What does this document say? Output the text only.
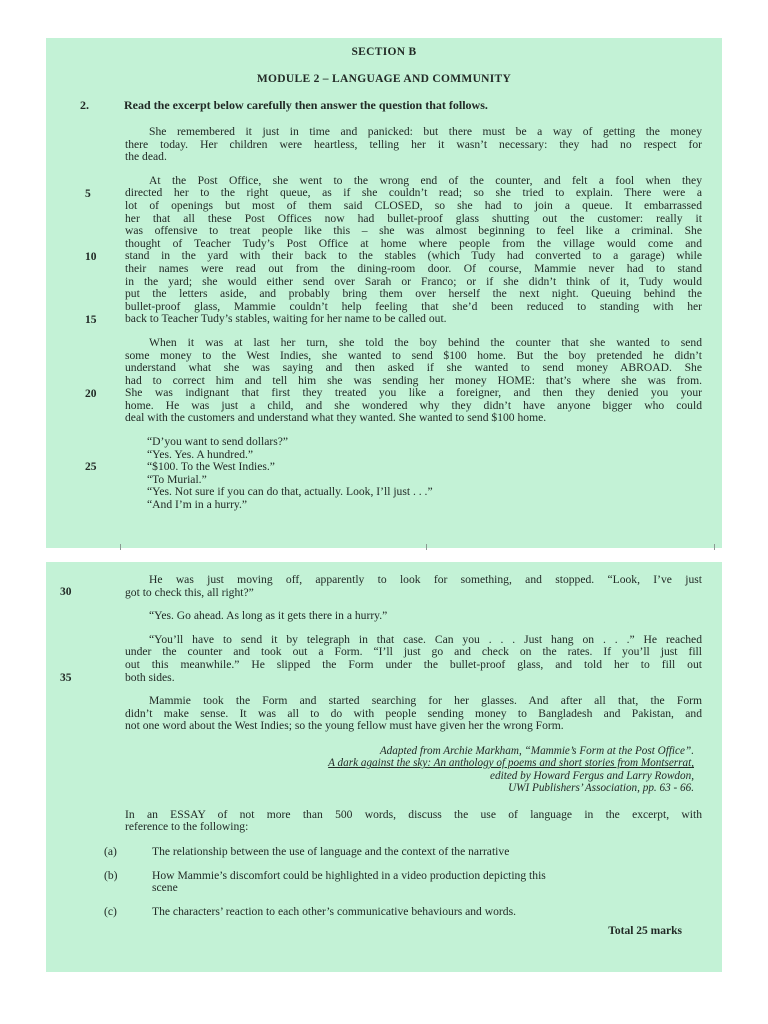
SECTION B
MODULE 2 – LANGUAGE AND COMMUNITY
2.	Read the excerpt below carefully then answer the question that follows.
She remembered it just in time and panicked: but there must be a way of getting the money
there today. Her children were heartless, telling her it wasn’t necessary: they had no respect for
the dead.
5
10
15
At the Post Office, she went to the wrong end of the counter, and felt a fool when they
directed her to the right queue, as if she couldn’t read; so she tried to explain. There were a
lot of openings but most of them said CLOSED, so she had to join a queue. It embarrassed
her that all these Post Offices now had bullet-proof glass shutting out the customer: really it
was offensive to treat people like this – she was almost beginning to feel like a criminal. She
thought of Teacher Tudy’s Post Office at home where people from the village would come and
stand in the yard with their back to the stables (which Tudy had converted to a garage) while
their names were read out from the dining-room door. Of course, Mammie never had to stand
in the yard; she would either send over Sarah or Franco; or if she didn’t think of it, Tudy would
put the letters aside, and probably bring them over herself the next night. Queuing behind the
bullet-proof glass, Mammie couldn’t help feeling that she’d been reduced to standing with her
back to Teacher Tudy’s stables, waiting for her name to be called out.
20
When it was at last her turn, she told the boy behind the counter that she wanted to send
some money to the West Indies, she wanted to send $100 home. But the boy pretended he didn’t
understand what she was saying and then asked if she wanted to send money ABROAD. She
had to correct him and tell him she was sending her money HOME: that’s where she was from.
She was indignant that first they treated you like a foreigner, and then they denied you your
home. He was just a child, and she wondered why they didn’t have anyone bigger who could
deal with the customers and understand what they wanted. She wanted to send $100 home.
25
“D’you want to send dollars?”
“Yes. Yes. A hundred.”
“$100. To the West Indies.”
“To Murial.”
“Yes. Not sure if you can do that, actually. Look, I’ll just . . .”
“And I’m in a hurry.”
30
He was just moving off, apparently to look for something, and stopped. “Look, I’ve just
got to check this, all right?”
“Yes. Go ahead. As long as it gets there in a hurry.”
35
“You’ll have to send it by telegraph in that case. Can you . . . Just hang on . . .” He reached
under the counter and took out a Form. “I’ll just go and check on the rates. If you’ll just fill
out this meanwhile.” He slipped the Form under the bullet-proof glass, and told her to fill out
both sides.
Mammie took the Form and started searching for her glasses. And after all that, the Form
didn’t make sense. It was all to do with people sending money to Bangladesh and Pakistan, and
not one word about the West Indies; so the young fellow must have given her the wrong Form.
Adapted from Archie Markham, “Mammie’s Form at the Post Office”.
A dark against the sky: An anthology of poems and short stories from Montserrat,
edited by Howard Fergus and Larry Rowdon,
UWI Publishers’ Association, pp. 63 - 66.
In an ESSAY of not more than 500 words, discuss the use of language in the excerpt, with
reference to the following:
(a)	The relationship between the use of language and the context of the narrative
(b)	How Mammie’s discomfort could be highlighted in a video production depicting this
scene
(c)	The characters’ reaction to each other’s communicative behaviours and words.
Total 25 marks
